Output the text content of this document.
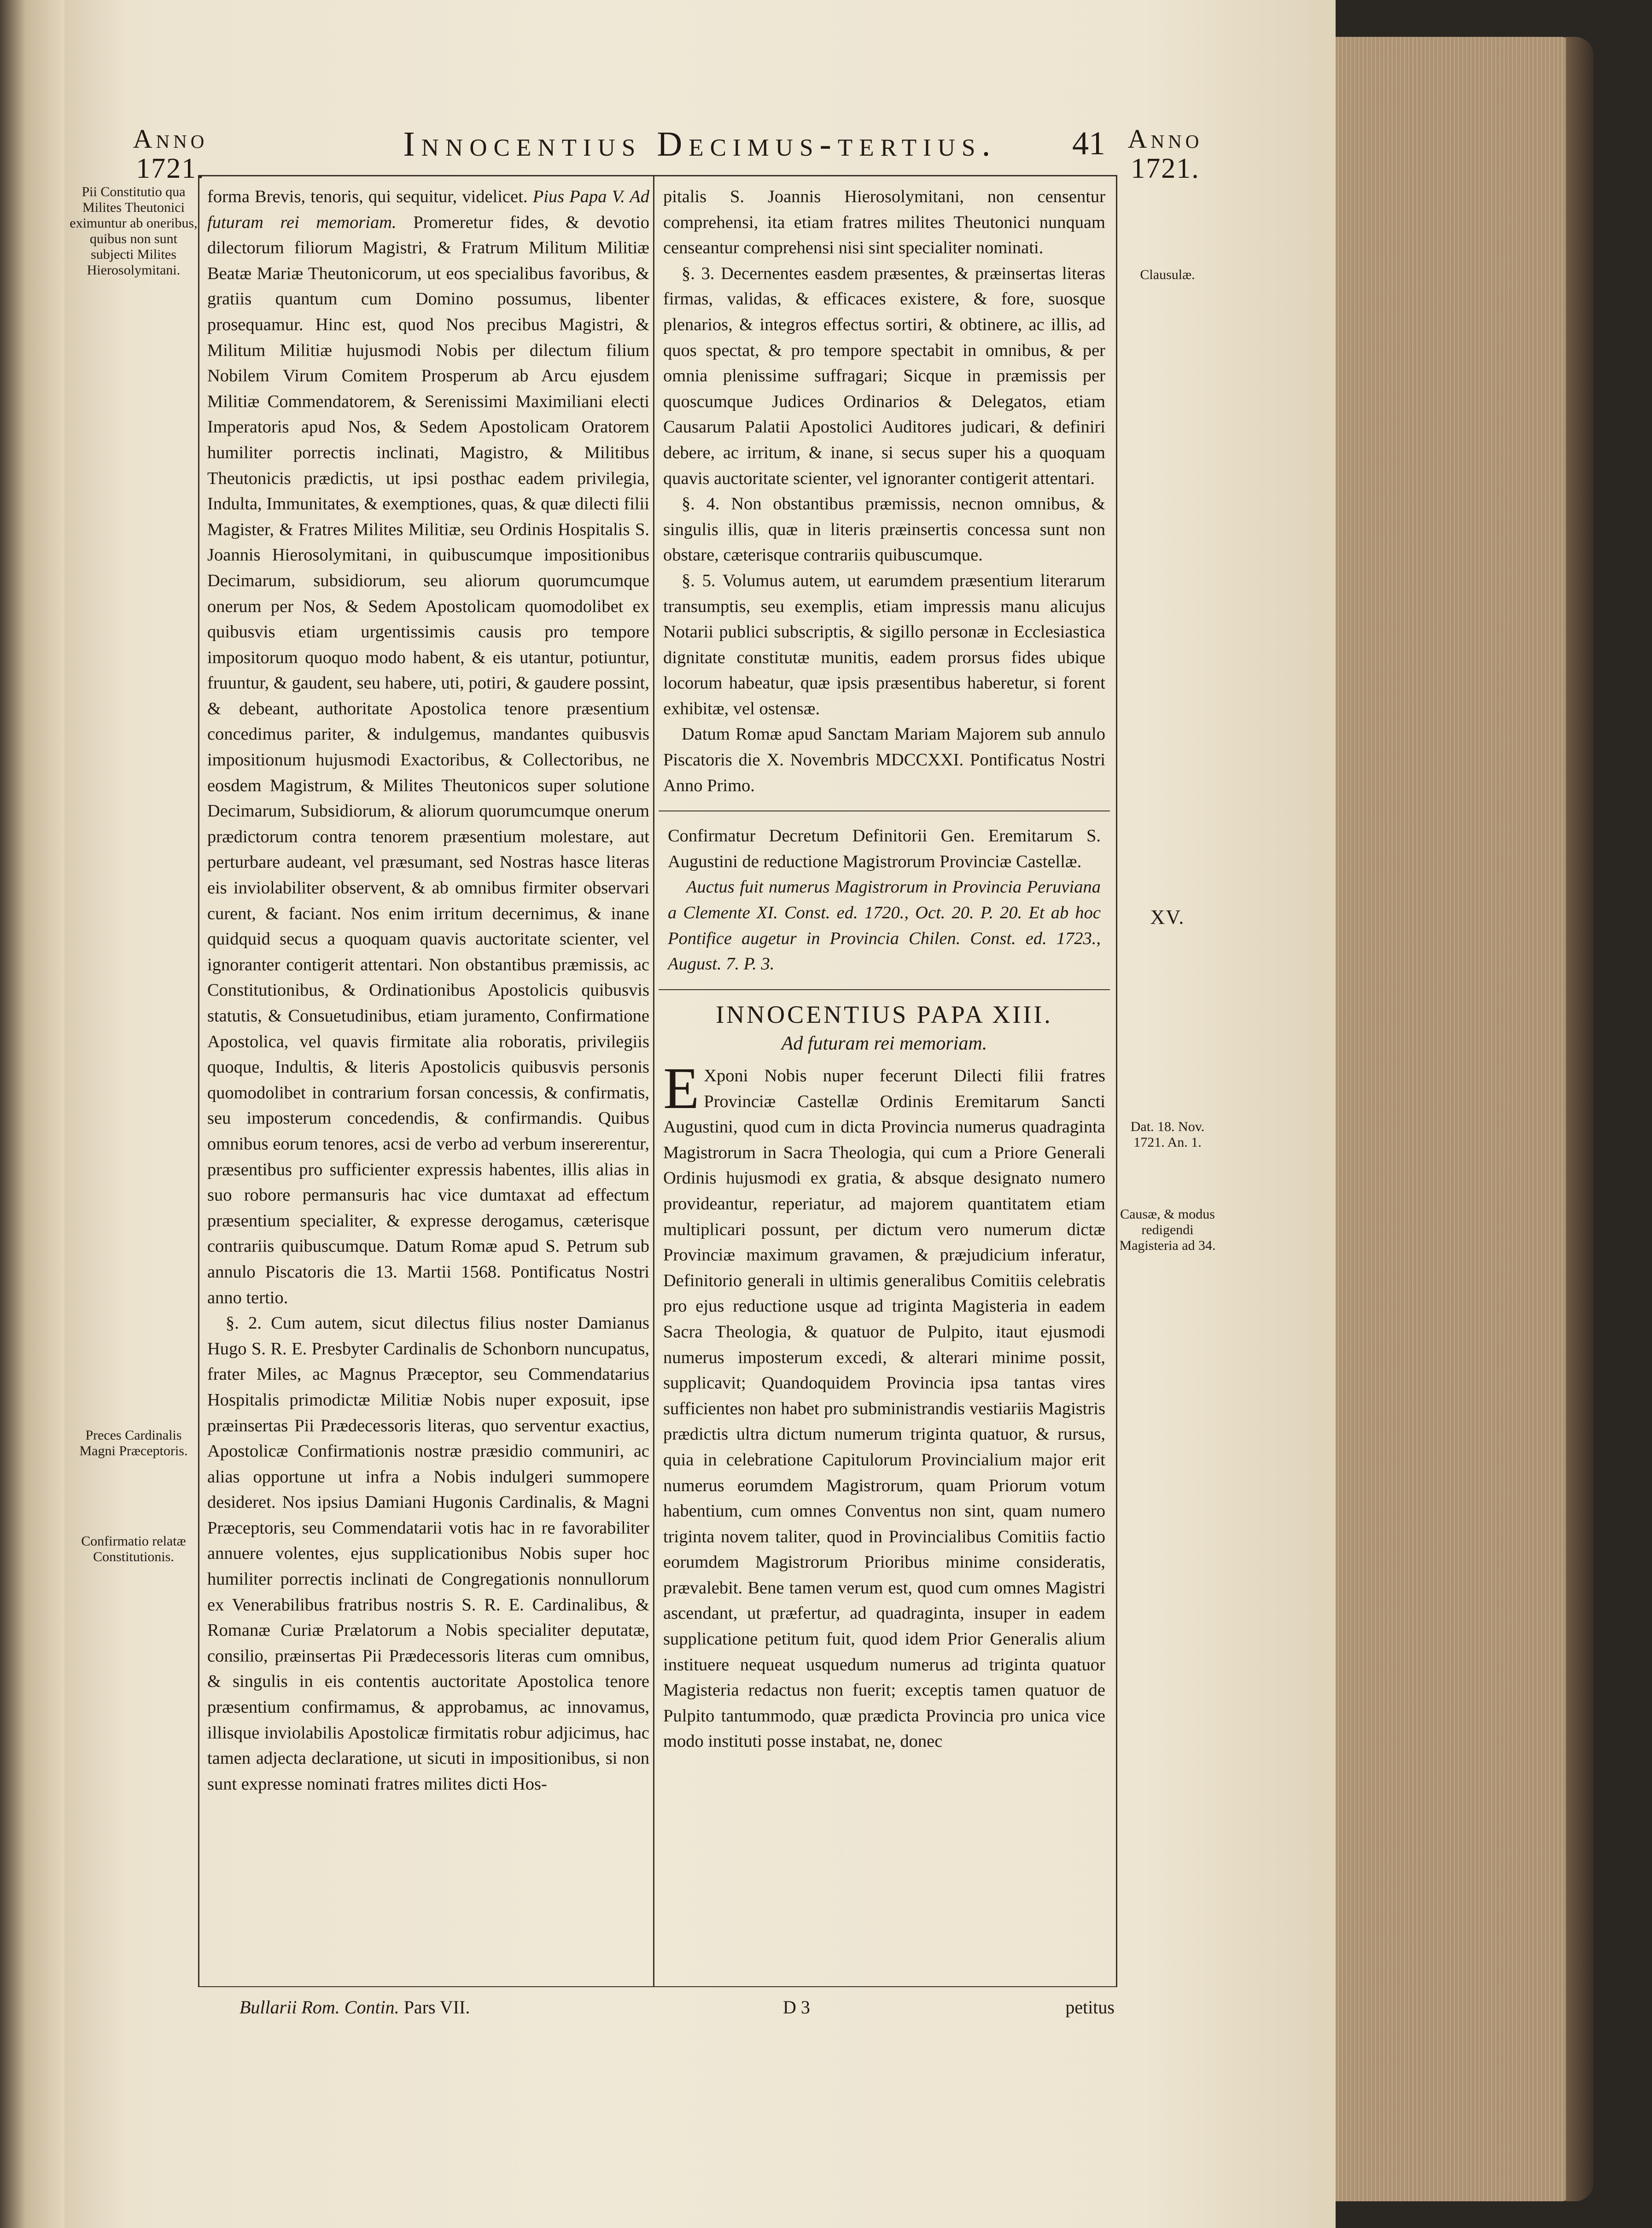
Anno
1721.
Innocentius Decimus-tertius.	41 Anno
1721.
Pii Constitutio qua Milites Theutonici eximuntur ab oneribus, quibus non sunt subjecti Milites Hierosolymitani.
Preces Cardinalis Magni Præceptoris.
Confirmatio relatæ Constitutionis.
Clausulæ.
XV.
Dat. 18. Nov. 1721. An. 1.
Causæ, & modus redigendi Magisteria ad 34.

forma Brevis, tenoris, qui sequitur, videlicet. Pius Papa V. Ad futuram rei memoriam. Promeretur fides, & devotio dilectorum filiorum Magistri, & Fratrum Militum Militiæ Beatæ Mariæ Theutonicorum, ut eos specialibus favoribus, & gratiis quantum cum Domino possumus, libenter prosequamur. Hinc est, quod Nos precibus Magistri, & Militum Militiæ hujusmodi Nobis per dilectum filium Nobilem Virum Comitem Prosperum ab Arcu ejusdem Militiæ Commendatorem, & Serenissimi Maximiliani electi Imperatoris apud Nos, & Sedem Apostolicam Oratorem humiliter porrectis inclinati, Magistro, & Militibus Theutonicis prædictis, ut ipsi posthac eadem privilegia, Indulta, Immunitates, & exemptiones, quas, & quæ dilecti filii Magister, & Fratres Milites Militiæ, seu Ordinis Hospitalis S. Joannis Hierosolymitani, in quibuscumque impositionibus Decimarum, subsidiorum, seu aliorum quorumcumque onerum per Nos, & Sedem Apostolicam quomodolibet ex quibusvis etiam urgentissimis causis pro tempore impositorum quoquo modo habent, & eis utantur, potiuntur, fruuntur, & gaudent, seu habere, uti, potiri, & gaudere possint, & debeant, authoritate Apostolica tenore præsentium concedimus pariter, & indulgemus, mandantes quibusvis impositionum hujusmodi Exactoribus, & Collectoribus, ne eosdem Magistrum, & Milites Theutonicos super solutione Decimarum, Subsidiorum, & aliorum quorumcumque onerum prædictorum contra tenorem præsentium molestare, aut perturbare audeant, vel præsumant, sed Nostras hasce literas eis inviolabiliter observent, & ab omnibus firmiter observari curent, & faciant. Nos enim irritum decernimus, & inane quidquid secus a quoquam quavis auctoritate scienter, vel ignoranter contigerit attentari. Non obstantibus præmissis, ac Constitutionibus, & Ordinationibus Apostolicis quibusvis statutis, & Consuetudinibus, etiam juramento, Confirmatione Apostolica, vel quavis firmitate alia roboratis, privilegiis quoque, Indultis, & literis Apostolicis quibusvis personis quomodolibet in contrarium forsan concessis, & confirmatis, seu imposterum concedendis, & confirmandis. Quibus omnibus eorum tenores, acsi de verbo ad verbum insererentur, præsentibus pro sufficienter expressis habentes, illis alias in suo robore permansuris hac vice dumtaxat ad effectum præsentium specialiter, & expresse derogamus, cæterisque contrariis quibuscumque. Datum Romæ apud S. Petrum sub annulo Piscatoris die 13. Martii 1568. Pontificatus Nostri anno tertio.

§. 2. Cum autem, sicut dilectus filius noster Damianus Hugo S. R. E. Presbyter Cardinalis de Schonborn nuncupatus, frater Miles, ac Magnus Præceptor, seu Commendatarius Hospitalis primodictæ Militiæ Nobis nuper exposuit, ipse præinsertas Pii Prædecessoris literas, quo serventur exactius, Apostolicæ Confirmationis nostræ præsidio communiri, ac alias opportune ut infra a Nobis indulgeri summopere desideret. Nos ipsius Damiani Hugonis Cardinalis, & Magni Præceptoris, seu Commendatarii votis hac in re favorabiliter annuere volentes, ejus supplicationibus Nobis super hoc humiliter porrectis inclinati de Congregationis nonnullorum ex Venerabilibus fratribus nostris S. R. E. Cardinalibus, & Romanæ Curiæ Prælatorum a Nobis specialiter deputatæ, consilio, præinsertas Pii Prædecessoris literas cum omnibus, & singulis in eis contentis auctoritate Apostolica tenore præsentium confirmamus, & approbamus, ac innovamus, illisque inviolabilis Apostolicæ firmitatis robur adjicimus, hac tamen adjecta declaratione, ut sicuti in impositionibus, si non sunt expresse nominati fratres milites dicti Hos-

pitalis S. Joannis Hierosolymitani, non censentur comprehensi, ita etiam fratres milites Theutonici nunquam censeantur comprehensi nisi sint specialiter nominati.

§. 3. Decernentes easdem præsentes, & præinsertas literas firmas, validas, & efficaces existere, & fore, suosque plenarios, & integros effectus sortiri, & obtinere, ac illis, ad quos spectat, & pro tempore spectabit in omnibus, & per omnia plenissime suffragari; Sicque in præmissis per quoscumque Judices Ordinarios & Delegatos, etiam Causarum Palatii Apostolici Auditores judicari, & definiri debere, ac irritum, & inane, si secus super his a quoquam quavis auctoritate scienter, vel ignoranter contigerit attentari.

§. 4. Non obstantibus præmissis, necnon omnibus, & singulis illis, quæ in literis præinsertis concessa sunt non obstare, cæterisque contrariis quibuscumque.

§. 5. Volumus autem, ut earumdem præsentium literarum transumptis, seu exemplis, etiam impressis manu alicujus Notarii publici subscriptis, & sigillo personæ in Ecclesiastica dignitate constitutæ munitis, eadem prorsus fides ubique locorum habeatur, quæ ipsis præsentibus haberetur, si forent exhibitæ, vel ostensæ.

Datum Romæ apud Sanctam Mariam Majorem sub annulo Piscatoris die X. Novembris MDCCXXI. Pontificatus Nostri Anno Primo.

Confirmatur Decretum Definitorii Gen. Eremitarum S. Augustini de reductione Magistrorum Provinciæ Castellæ.

Auctus fuit numerus Magistrorum in Provincia Peruviana a Clemente XI. Const. ed. 1720., Oct. 20. P. 20. Et ab hoc Pontifice augetur in Provincia Chilen. Const. ed. 1723., August. 7. P. 3.

INNOCENTIUS PAPA XIII.
Ad futuram rei memoriam.

E Xponi Nobis nuper fecerunt Dilecti filii fratres Provinciæ Castellæ Ordinis Eremitarum Sancti Augustini, quod cum in dicta Provincia numerus quadraginta Magistrorum in Sacra Theologia, qui cum a Priore Generali Ordinis hujusmodi ex gratia, & absque designato numero provideantur, reperiatur, ad majorem quantitatem etiam multiplicari possunt, per dictum vero numerum dictæ Provinciæ maximum gravamen, & præjudicium inferatur, Definitorio generali in ultimis generalibus Comitiis celebratis pro ejus reductione usque ad triginta Magisteria in eadem Sacra Theologia, & quatuor de Pulpito, itaut ejusmodi numerus imposterum excedi, & alterari minime possit, supplicavit; Quandoquidem Provincia ipsa tantas vires sufficientes non habet pro subministrandis vestiariis Magistris prædictis ultra dictum numerum triginta quatuor, & rursus, quia in celebratione Capitulorum Provincialium major erit numerus eorumdem Magistrorum, quam Priorum votum habentium, cum omnes Conventus non sint, quam numero triginta novem taliter, quod in Provincialibus Comitiis factio eorumdem Magistrorum Prioribus minime consideratis, prævalebit. Bene tamen verum est, quod cum omnes Magistri ascendant, ut præfertur, ad quadraginta, insuper in eadem supplicatione petitum fuit, quod idem Prior Generalis alium instituere nequeat usquedum numerus ad triginta quatuor Magisteria redactus non fuerit; exceptis tamen quatuor de Pulpito tantummodo, quæ prædicta Provincia pro unica vice modo instituti posse instabat, ne, donec

Bullarii Rom. Contin. Pars VII.	D 3	petitus
